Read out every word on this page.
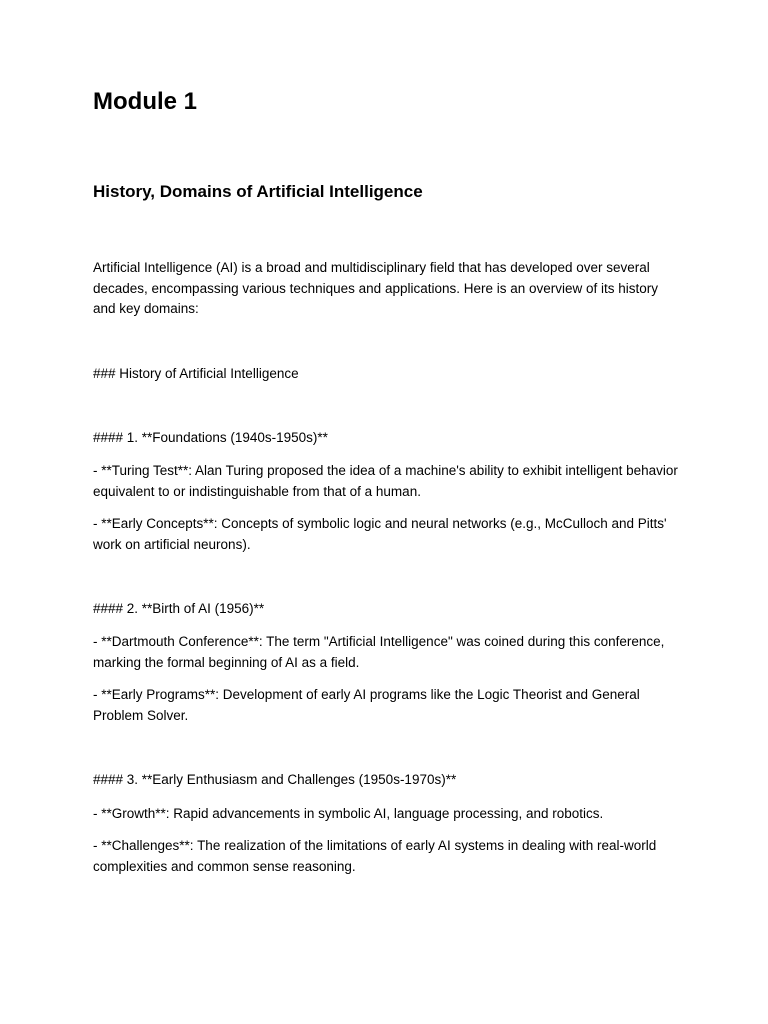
Module 1
History, Domains of Artificial Intelligence

Artificial Intelligence (AI) is a broad and multidisciplinary field that has developed over several decades, encompassing various techniques and applications. Here is an overview of its history and key domains:

### History of Artificial Intelligence

#### 1. **Foundations (1940s-1950s)**

- **Turing Test**: Alan Turing proposed the idea of a machine's ability to exhibit intelligent behavior equivalent to or indistinguishable from that of a human.

- **Early Concepts**: Concepts of symbolic logic and neural networks (e.g., McCulloch and Pitts' work on artificial neurons).

#### 2. **Birth of AI (1956)**

- **Dartmouth Conference**: The term "Artificial Intelligence" was coined during this conference, marking the formal beginning of AI as a field.

- **Early Programs**: Development of early AI programs like the Logic Theorist and General Problem Solver.

#### 3. **Early Enthusiasm and Challenges (1950s-1970s)**

- **Growth**: Rapid advancements in symbolic AI, language processing, and robotics.

- **Challenges**: The realization of the limitations of early AI systems in dealing with real-world complexities and common sense reasoning.
